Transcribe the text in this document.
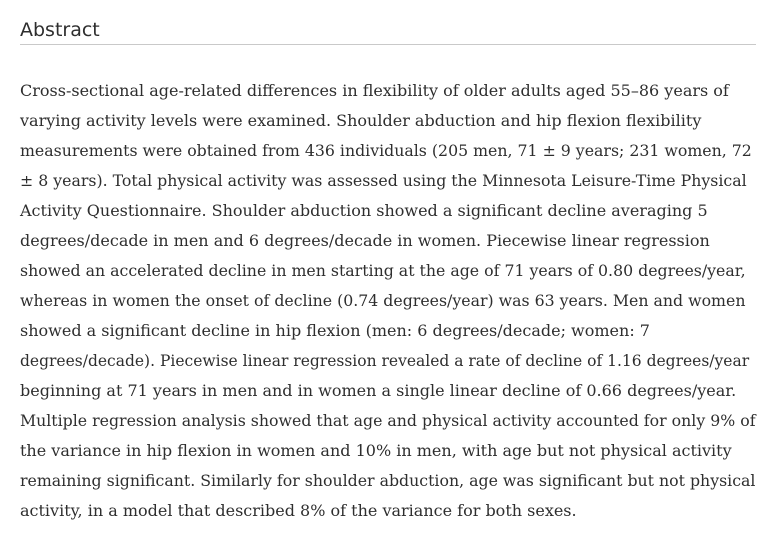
Abstract

Cross-sectional age-related differences in flexibility of older adults aged 55–86 years of
varying activity levels were examined. Shoulder abduction and hip flexion flexibility
measurements were obtained from 436 individuals (205 men, 71 ± 9 years; 231 women, 72
± 8 years). Total physical activity was assessed using the Minnesota Leisure-Time Physical
Activity Questionnaire. Shoulder abduction showed a significant decline averaging 5
degrees/decade in men and 6 degrees/decade in women. Piecewise linear regression
showed an accelerated decline in men starting at the age of 71 years of 0.80 degrees/year,
whereas in women the onset of decline (0.74 degrees/year) was 63 years. Men and women
showed a significant decline in hip flexion (men: 6 degrees/decade; women: 7
degrees/decade). Piecewise linear regression revealed a rate of decline of 1.16 degrees/year
beginning at 71 years in men and in women a single linear decline of 0.66 degrees/year.
Multiple regression analysis showed that age and physical activity accounted for only 9% of
the variance in hip flexion in women and 10% in men, with age but not physical activity
remaining significant. Similarly for shoulder abduction, age was significant but not physical
activity, in a model that described 8% of the variance for both sexes.
